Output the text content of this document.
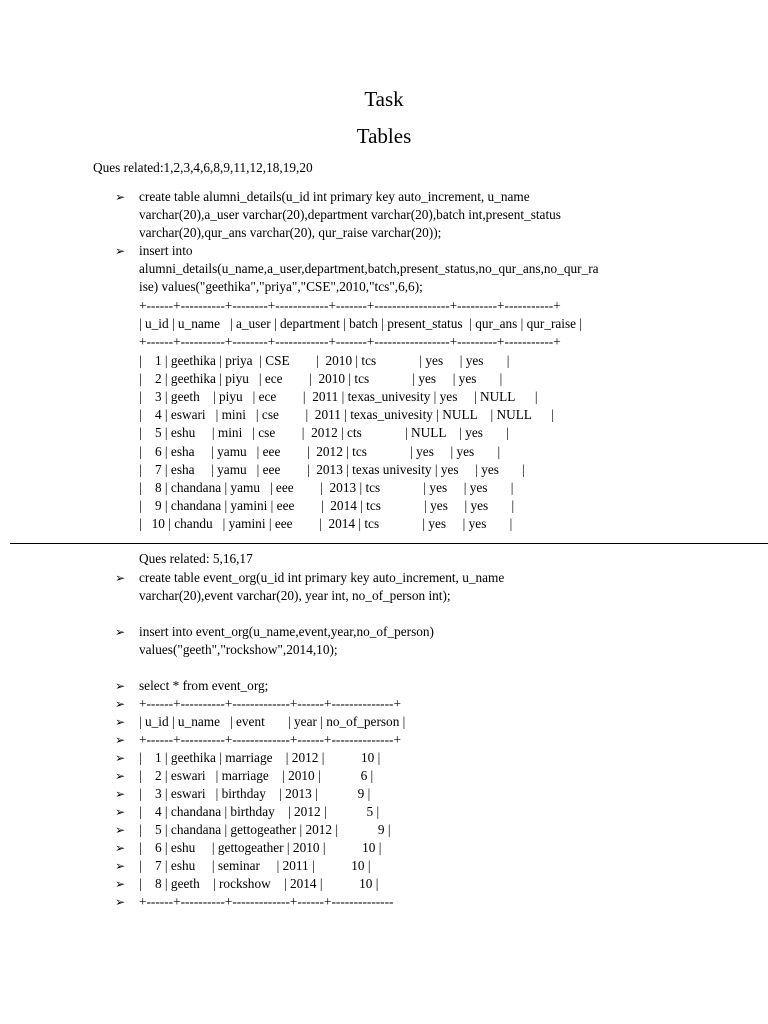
Task
Tables
Ques related:1,2,3,4,6,8,9,11,12,18,19,20

➢

	create table alumni_details(u_id int primary key auto_increment, u_name

varchar(20),a_user varchar(20),department varchar(20),batch int,present_status

varchar(20),qur_ans varchar(20), qur_raise varchar(20));

➢

	insert into

alumni_details(u_name,a_user,department,batch,present_status,no_qur_ans,no_qur_ra

ise) values("geethika","priya","CSE",2010,"tcs",6,6);

+------+----------+--------+------------+-------+-----------------+---------+-----------+
| u_id | u_name   | a_user | department | batch | present_status  | qur_ans | qur_raise |
+------+----------+--------+------------+-------+-----------------+---------+-----------+
|    1 | geethika | priya  | CSE        |  2010 | tcs             | yes     | yes       |
|    2 | geethika | piyu   | ece        |  2010 | tcs             | yes     | yes       |
|    3 | geeth    | piyu   | ece        |  2011 | texas_univesity | yes     | NULL      |
|    4 | eswari   | mini   | cse        |  2011 | texas_univesity | NULL    | NULL      |
|    5 | eshu     | mini   | cse        |  2012 | cts             | NULL    | yes       |
|    6 | esha     | yamu   | eee        |  2012 | tcs             | yes     | yes       |
|    7 | esha     | yamu   | eee        |  2013 | texas univesity | yes     | yes       |
|    8 | chandana | yamu   | eee        |  2013 | tcs             | yes     | yes       |
|    9 | chandana | yamini | eee        |  2014 | tcs             | yes     | yes       |
|   10 | chandu   | yamini | eee        |  2014 | tcs             | yes     | yes       |
Ques related: 5,16,17

➢

	create table event_org(u_id int primary key auto_increment, u_name

varchar(20),event varchar(20), year int, no_of_person int);

➢

	insert into event_org(u_name,event,year,no_of_person)

values("geeth","rockshow",2014,10);

➢

	select * from event_org;

➢

	+------+----------+-------------+------+--------------+

➢

	| u_id | u_name   | event       | year | no_of_person |

➢

	+------+----------+-------------+------+--------------+

➢

	|    1 | geethika | marriage    | 2012 |           10 |

➢

	|    2 | eswari   | marriage    | 2010 |            6 |

➢

	|    3 | eswari   | birthday    | 2013 |            9 |

➢

	|    4 | chandana | birthday    | 2012 |            5 |

➢

	|    5 | chandana | gettogeather | 2012 |            9 |

➢

	|    6 | eshu     | gettogeather | 2010 |           10 |

➢

	|    7 | eshu     | seminar     | 2011 |           10 |

➢

	|    8 | geeth    | rockshow    | 2014 |           10 |

➢

	+------+----------+-------------+------+--------------
